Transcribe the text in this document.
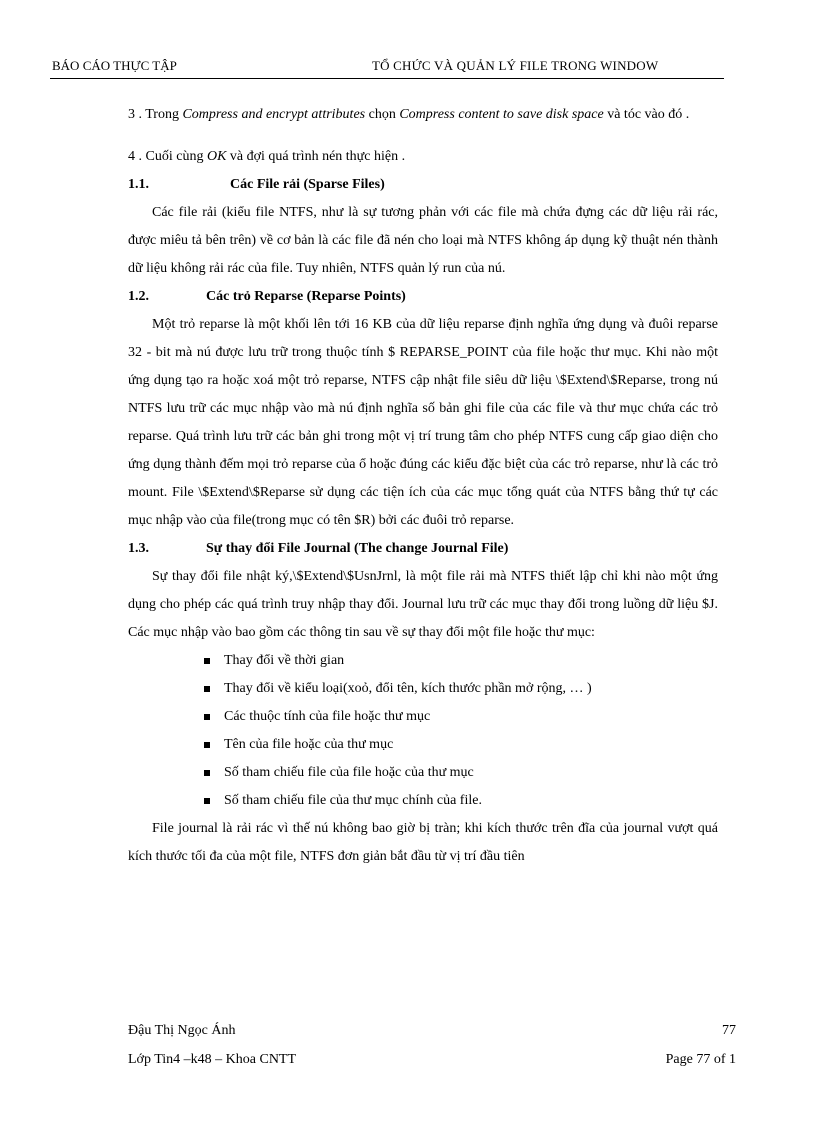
BÁO CÁO THỰC TẬP	TỔ CHỨC VÀ QUẢN LÝ FILE TRONG WINDOW

3 . Trong Compress and encrypt attributes chọn Compress content to save disk space và tóc vào đó .

4 . Cuối cùng OK và đợi quá trình nén thực hiện .

1.1.	Các File rải (Sparse Files)

Các file rải (kiểu file NTFS, như là sự tương phản với các file mà chứa đựng các dữ liệu rải rác, được miêu tả bên trên) về cơ bản là các file đã nén cho loại mà NTFS không áp dụng kỹ thuật nén thành dữ liệu không rải rác của file. Tuy nhiên, NTFS quản lý run của nú.

1.2.	Các trỏ Reparse (Reparse Points)

Một trỏ reparse là một khối lên tới 16 KB của dữ liệu reparse định nghĩa ứng dụng và đuôi reparse 32 - bit mà nú được lưu trữ trong thuộc tính $ REPARSE_POINT của file hoặc thư mục. Khi nào một ứng dụng tạo ra hoặc xoá một trỏ reparse, NTFS cập nhật file siêu dữ liệu \$Extend\$Reparse, trong nú NTFS lưu trữ các mục nhập vào mà nú định nghĩa số bản ghi file của các file và thư mục chứa các trỏ reparse. Quá trình lưu trữ các bản ghi trong một vị trí trung tâm cho phép NTFS cung cấp giao diện cho ứng dụng thành đếm mọi trỏ reparse của ổ hoặc đúng các kiểu đặc biệt của các trỏ reparse, như là các trỏ mount. File \$Extend\$Reparse sử dụng các tiện ích của các mục tổng quát của NTFS bằng thứ tự các mục nhập vào của file(trong mục có tên $R) bởi các đuôi trỏ reparse.

1.3.	Sự thay đổi File Journal (The change Journal File)

Sự thay đổi file nhật ký,\$Extend\$UsnJrnl, là một file rải mà NTFS thiết lập chỉ khi nào một ứng dụng cho phép các quá trình truy nhập thay đổi. Journal lưu trữ các mục thay đổi trong luồng dữ liệu $J. Các mục nhập vào bao gồm các thông tin sau về sự thay đổi một file hoặc thư mục:

Thay đổi về thời gian
Thay đổi về kiểu loại(xoỏ, đổi tên, kích thước phần mở rộng, … )
Các thuộc tính của file hoặc thư mục
Tên của file hoặc của thư mục
Số tham chiếu file của file hoặc của thư mục
Số tham chiếu file của thư mục chính của file.

File journal là rải rác vì thế nú không bao giờ bị tràn; khi kích thước trên đĩa của journal vượt quá kích thước tối đa của một file, NTFS đơn giản bắt đầu từ vị trí đầu tiên

Đậu Thị Ngọc Ánh	77
Lớp Tin4 –k48 – Khoa CNTT	Page 77 of 1
